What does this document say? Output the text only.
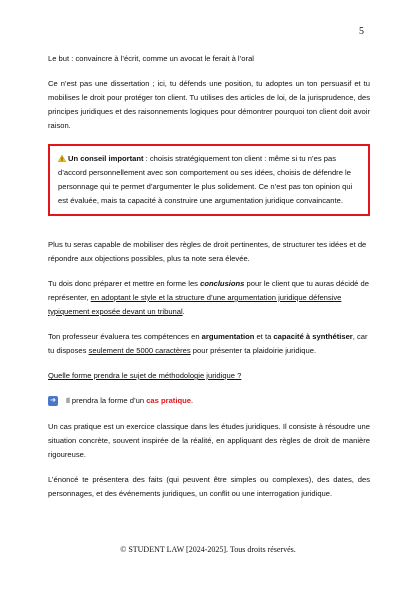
5

Le but : convaincre à l’écrit, comme un avocat le ferait à l’oral

Ce n’est pas une dissertation ; ici, tu défends une position, tu adoptes un ton persuasif et tu mobilises le droit pour protéger ton client. Tu utilises des articles de loi, de la jurisprudence, des principes juridiques et des raisonnements logiques pour démontrer pourquoi ton client doit avoir raison.

Un conseil important : choisis stratégiquement ton client : même si tu n’es pas d’accord personnellement avec son comportement ou ses idées, choisis de défendre le personnage qui te permet d’argumenter le plus solidement. Ce n’est pas ton opinion qui est évaluée, mais ta capacité à construire une argumentation juridique convaincante.

Plus tu seras capable de mobiliser des règles de droit pertinentes, de structurer tes idées et de répondre aux objections possibles, plus ta note sera élevée.

Tu dois donc préparer et mettre en forme les conclusions pour le client que tu auras décidé de représenter, en adoptant le style et la structure d’une argumentation juridique défensive typiquement exposée devant un tribunal.

Ton professeur évaluera tes compétences en argumentation et ta capacité à synthétiser, car tu disposes seulement de 5000 caractères pour présenter ta plaidoirie juridique.

Quelle forme prendra le sujet de méthodologie juridique ?

➜ Il prendra la forme d’un cas pratique.

Un cas pratique est un exercice classique dans les études juridiques. Il consiste à résoudre une situation concrète, souvent inspirée de la réalité, en appliquant des règles de droit de manière rigoureuse.

L’énoncé te présentera des faits (qui peuvent être simples ou complexes), des dates, des personnages, et des événements juridiques, un conflit ou une interrogation juridique.

© STUDENT LAW [2024-2025]. Tous droits réservés.
